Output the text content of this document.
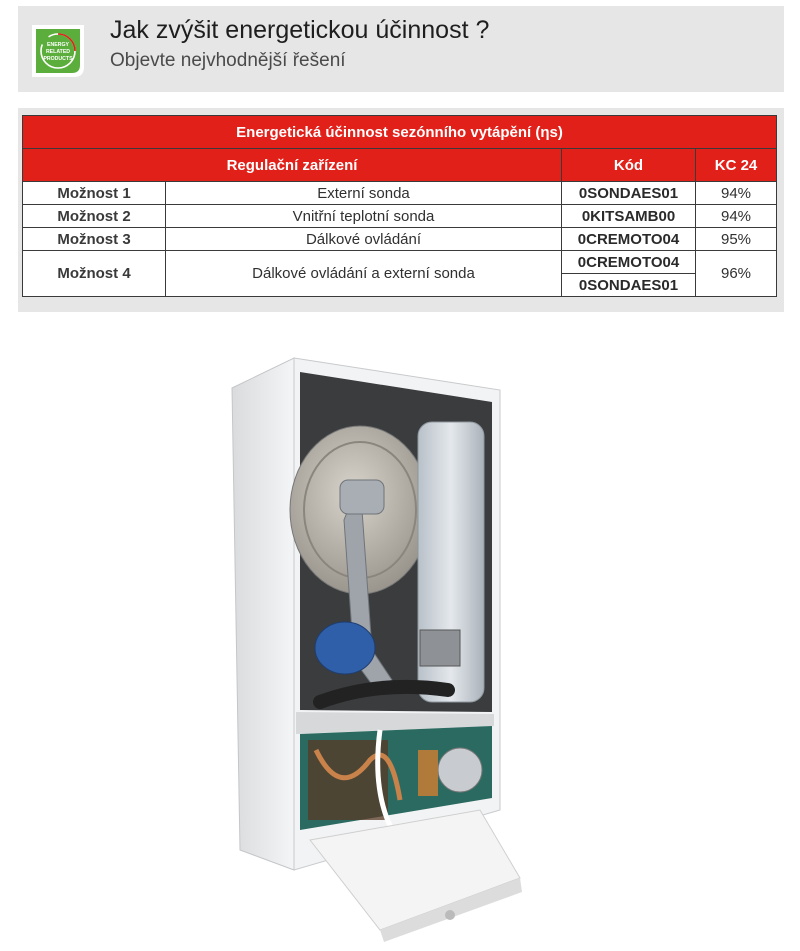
ENERGY
RELATED
PRODUCTS
Jak zvýšit energetickou účinnost ?
Objevte nejvhodnější řešení
Energetická účinnost sezónního vytápění (ηs)			
Regulační zařízení		Kód	KC 24
Možnost 1	Externí sonda	0SONDAES01	94%
Možnost 2	Vnitřní teplotní sonda	0KITSAMB00	94%
Možnost 3	Dálkové ovládání	0CREMOTO04	95%
Možnost 4	Dálkové ovládání a externí sonda	0CREMOTO04	96%
		0SONDAES01	
